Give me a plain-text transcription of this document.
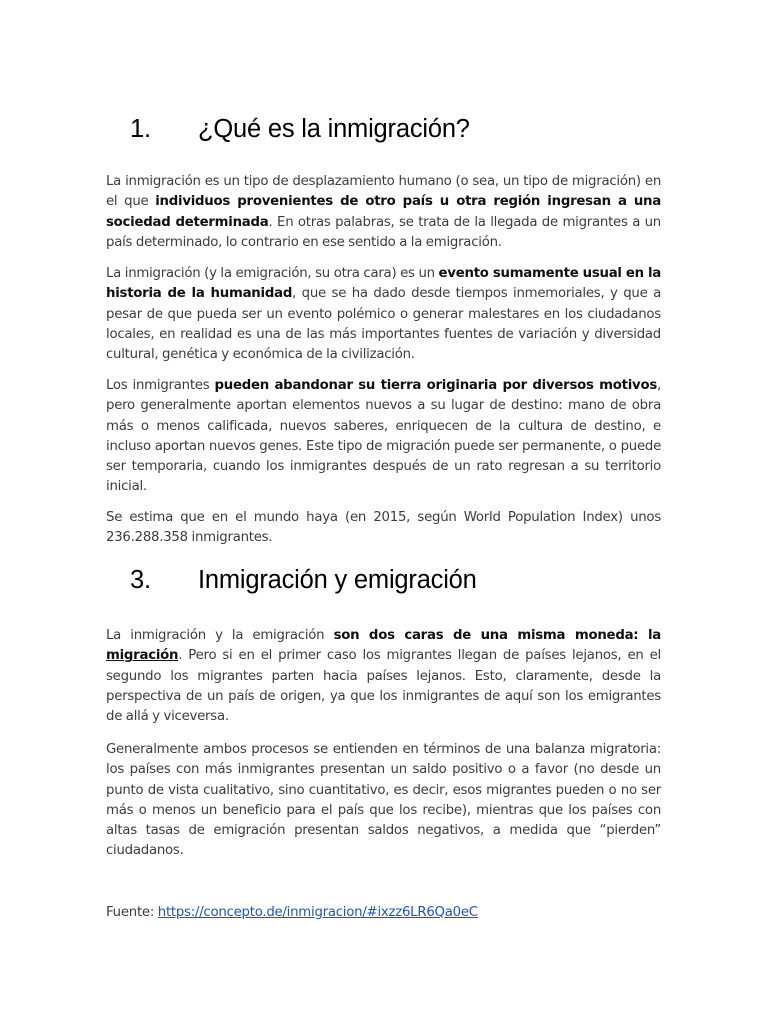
1. ¿Qué es la inmigración?

La inmigración es un tipo de desplazamiento humano (o sea, un tipo de migración) en el que individuos provenientes de otro país u otra región ingresan a una sociedad determinada. En otras palabras, se trata de la llegada de migrantes a un país determinado, lo contrario en ese sentido a la emigración.

La inmigración (y la emigración, su otra cara) es un evento sumamente usual en la historia de la humanidad, que se ha dado desde tiempos inmemoriales, y que a pesar de que pueda ser un evento polémico o generar malestares en los ciudadanos locales, en realidad es una de las más importantes fuentes de variación y diversidad cultural, genética y económica de la civilización.

Los inmigrantes pueden abandonar su tierra originaria por diversos motivos, pero generalmente aportan elementos nuevos a su lugar de destino: mano de obra más o menos calificada, nuevos saberes, enriquecen de la cultura de destino, e incluso aportan nuevos genes. Este tipo de migración puede ser permanente, o puede ser temporaria, cuando los inmigrantes después de un rato regresan a su territorio inicial.

Se estima que en el mundo haya (en 2015, según World Population Index) unos 236.288.358 inmigrantes.

3. Inmigración y emigración

La inmigración y la emigración son dos caras de una misma moneda: la migración. Pero si en el primer caso los migrantes llegan de países lejanos, en el segundo los migrantes parten hacia países lejanos. Esto, claramente, desde la perspectiva de un país de origen, ya que los inmigrantes de aquí son los emigrantes de allá y viceversa.

Generalmente ambos procesos se entienden en términos de una balanza migratoria: los países con más inmigrantes presentan un saldo positivo o a favor (no desde un punto de vista cualitativo, sino cuantitativo, es decir, esos migrantes pueden o no ser más o menos un beneficio para el país que los recibe), mientras que los países con altas tasas de emigración presentan saldos negativos, a medida que “pierden” ciudadanos.

Fuente: https://concepto.de/inmigracion/#ixzz6LR6Qa0eC
